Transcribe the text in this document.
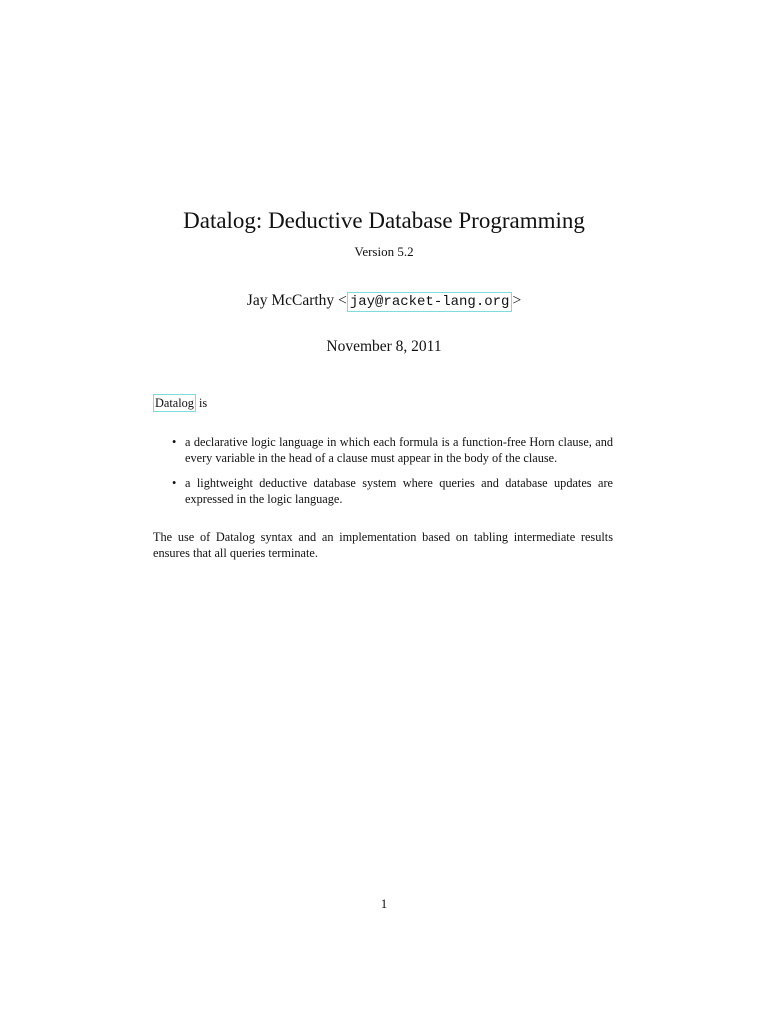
Datalog: Deductive Database Programming
Version 5.2
Jay McCarthy < jay@racket-lang.org >
November 8, 2011
Datalog is
• a declarative logic language in which each formula is a function-free Horn clause, and every variable in the head of a clause must appear in the body of the clause.
• a lightweight deductive database system where queries and database updates are expressed in the logic language.
The use of Datalog syntax and an implementation based on tabling intermediate results ensures that all queries terminate.
1
